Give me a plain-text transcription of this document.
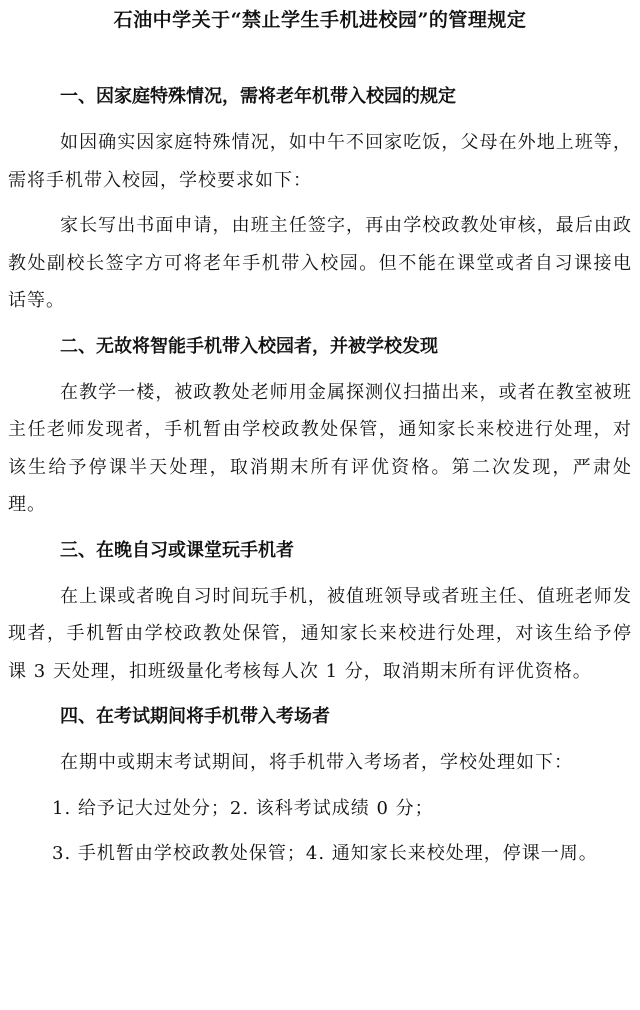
石油中学关于“禁止学生手机进校园”的管理规定
一、因家庭特殊情况，需将老年机带入校园的规定

如因确实因家庭特殊情况，如中午不回家吃饭，父母在外地上班等，需将手机带入校园，学校要求如下：

家长写出书面申请，由班主任签字，再由学校政教处审核，最后由政教处副校长签字方可将老年手机带入校园。但不能在课堂或者自习课接电话等。

二、无故将智能手机带入校园者，并被学校发现

在教学一楼，被政教处老师用金属探测仪扫描出来，或者在教室被班主任老师发现者，手机暂由学校政教处保管，通知家长来校进行处理，对该生给予停课半天处理，取消期末所有评优资格。第二次发现，严肃处理。

三、在晚自习或课堂玩手机者

在上课或者晚自习时间玩手机，被值班领导或者班主任、值班老师发现者，手机暂由学校政教处保管，通知家长来校进行处理，对该生给予停课 3 天处理，扣班级量化考核每人次 1 分，取消期末所有评优资格。

四、在考试期间将手机带入考场者

在期中或期末考试期间，将手机带入考场者，学校处理如下：

1. 给予记大过处分；2. 该科考试成绩 0 分；
3. 手机暂由学校政教处保管；4. 通知家长来校处理，停课一周。
